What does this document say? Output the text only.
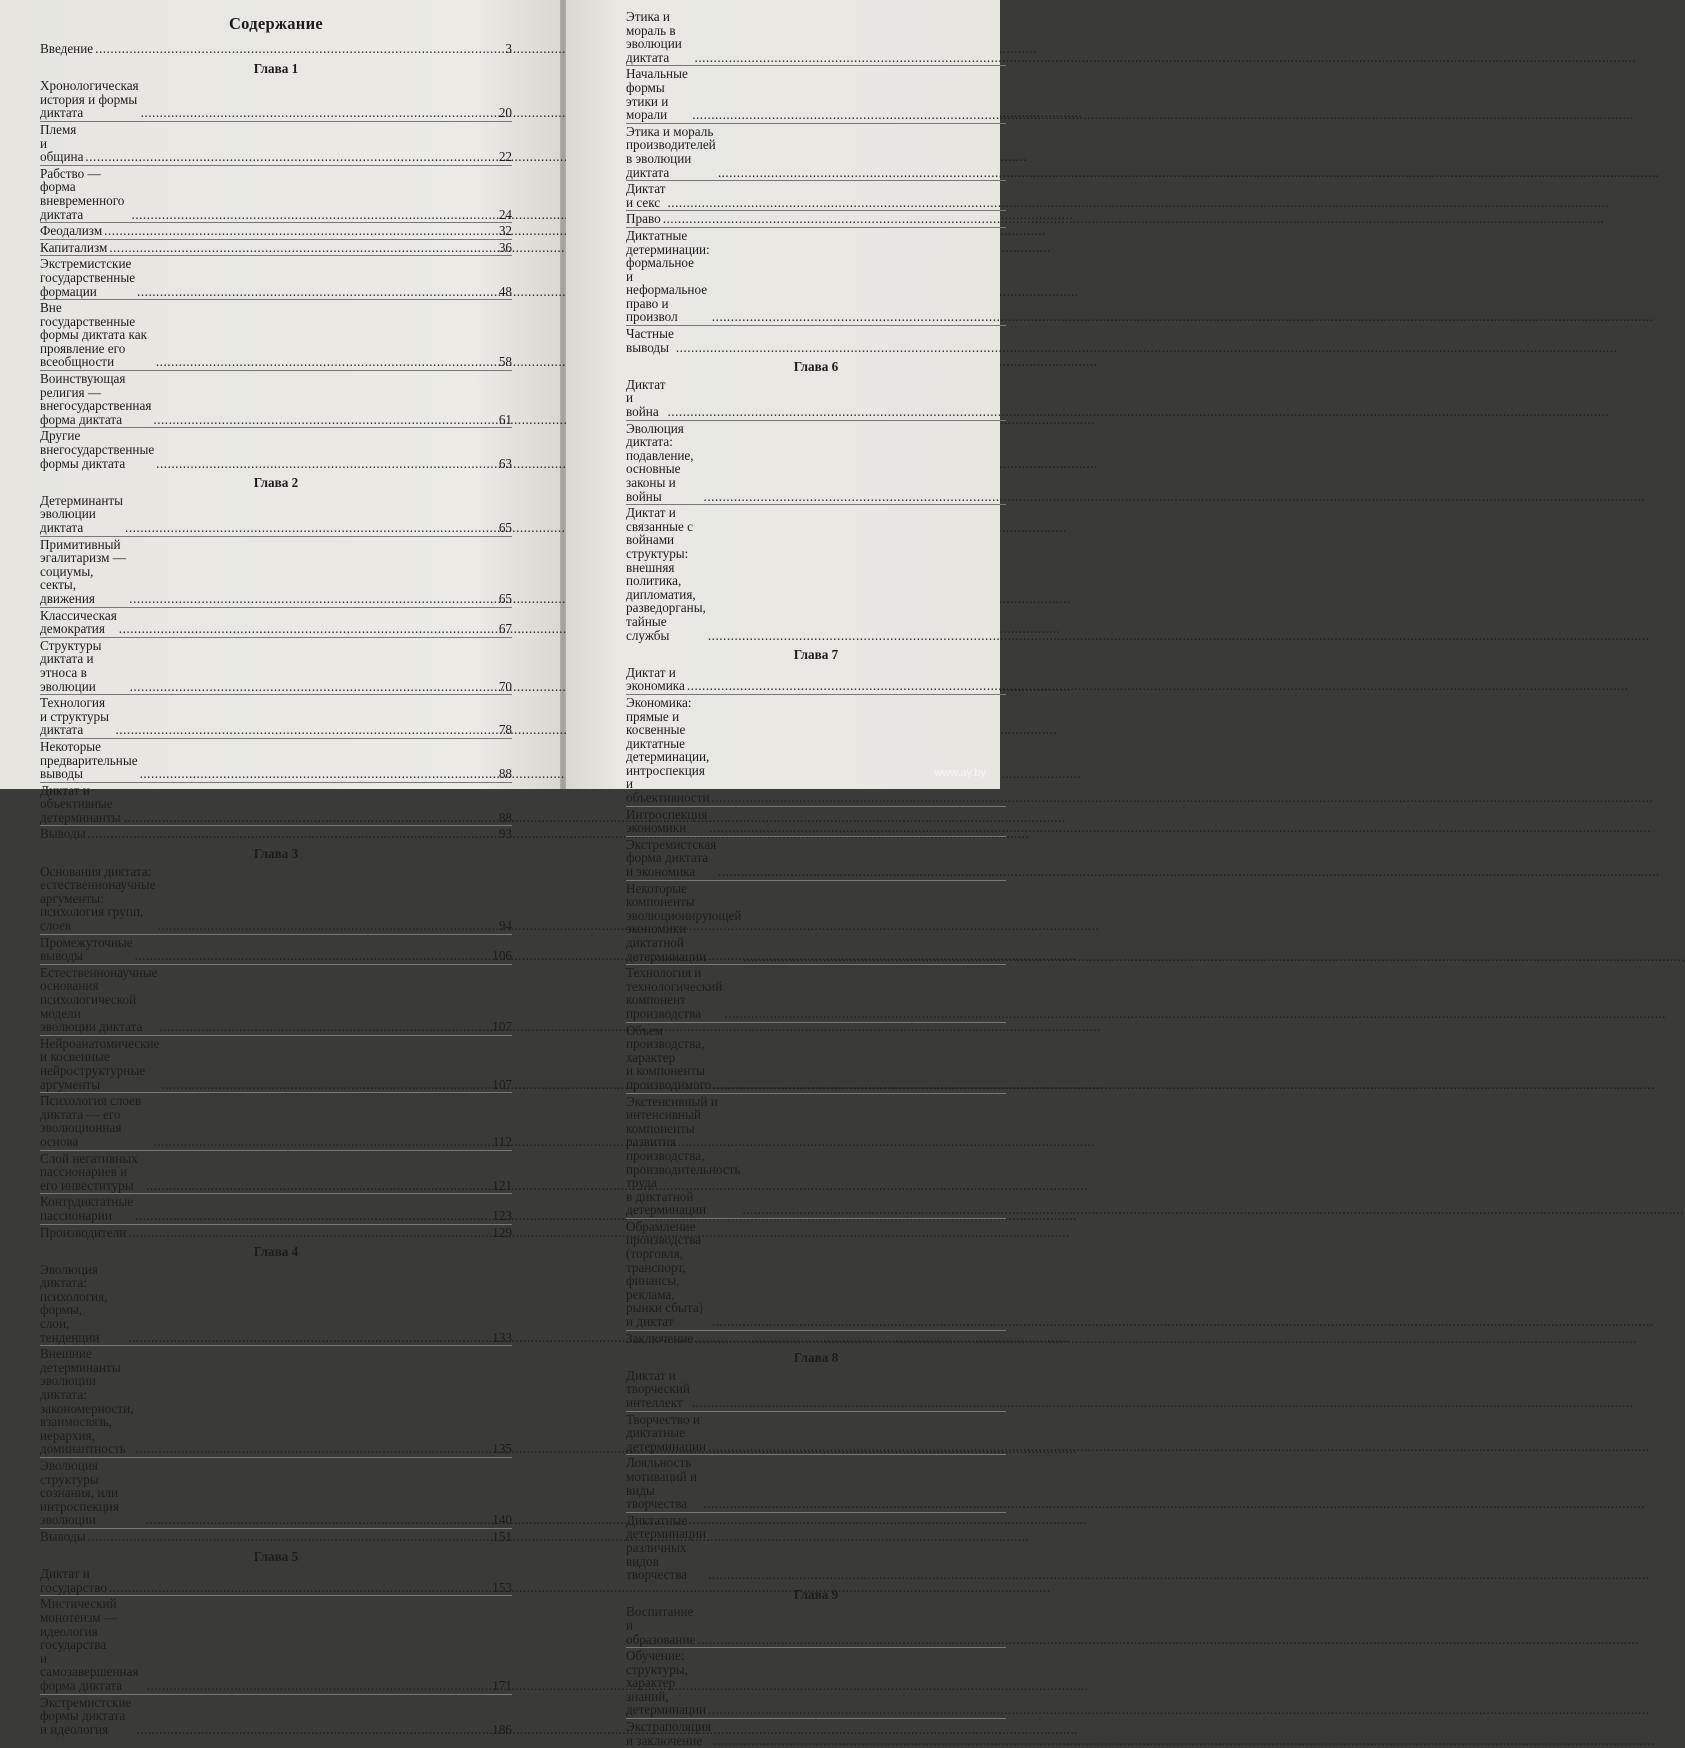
Содержание
Введение .....	3
Глава 1
Хронологическая история и формы диктата .....	20
Племя и община .....	22
Рабство — форма вневременного диктата .....	24
Феодализм .....	32
Капитализм .....	36
Экстремистские государственные формации .....	48
Вне государственные формы диктата как проявление его
всеобщности .....	58
Воинствующая религия — внегосударственная
форма диктата .....	61
Другие внегосударственные формы диктата .....	63
Глава 2
Детерминанты эволюции диктата .....	65
Примитивный эгалитаризм — социумы,
секты, движения .....	65
Классическая демократия .....	67
Структуры диктата и этноса в эволюции .....	70
Технология и структуры диктата .....	78
Некоторые предварительные выводы .....	88
Диктат и объективные детерминанты .....	88
Выводы .....	93
Глава 3
Основания диктата: естественнонаучные аргументы:
психология групп, слоев .....	94
Промежуточные выводы .....	106
Естественнонаучные основания психологической модели
эволюции диктата .....	107
Нейроанатомические и косвенные
нейроструктурные аргументы .....	107
Психология слоев диктата — его эволюционная основа .....	112
Слой негативных пассионариев и его инвеституры .....	121
Контрдиктатные пассионарии .....	123
Производители .....	129
Глава 4
Эволюция диктата: психология, формы,
слои, тенденции .....	133
Внешние детерминанты эволюции диктата:
закономерности, взаимосвязь, иерархия,
доминантность .....	135
Эволюция структуры сознания, или интроспекция
эволюции .....	140
Выводы .....	151
Глава 5
Диктат и государство .....	153
Мистический монотеизм — идеология государства
и самозавершенная форма диктата .....	171
Экстремистские формы диктата и идеология .....	186
Этика и мораль в эволюции диктата
.....
Начальные формы этики и морали
.....
Этика и мораль производителей в эволюции диктата
.....
Диктат и секс
.....
Право
.....
Диктатные детерминации: формальное
и неформальное право и произвол
.....
Частные выводы
.....
Глава 6
Диктат и война
.....
Эволюция диктата: подавление, основные
законы и войны
.....
Диктат и связанные с войнами структуры:
внешняя политика, дипломатия,
разведорганы, тайные службы
.....
Глава 7
Диктат и экономика
.....
Экономика: прямые и косвенные диктатные
детерминации, интроспекция и объективности
.....
Интроспекция экономики
.....
Экстремистская форма диктата и экономика
.....
Некоторые компоненты эволюционирующей экономики
диктатной детерминации
.....
Технология и технологический компонент
производства
.....
Объем производства, характер
и компоненты производимого
.....
Экстенсивный и интенсивный компоненты развития
производства, производительность труда
в диктатной детерминации
.....
Обрамление производства (торговля, транспорт,
финансы, реклама, рынки сбыта) и диктат
.....
Заключение
.....
Глава 8
Диктат и творческий интеллект
.....
Творчество и диктатные детерминации
.....
Лояльность мотиваций и виды творчества
.....
Диктатные детерминации различных
видов творчества
.....
Глава 9
Воспитание и образование
.....
Обучение: структуры, характер знаний,
детерминации
.....
Экстраполяция и заключение
.....
www.ay.by
